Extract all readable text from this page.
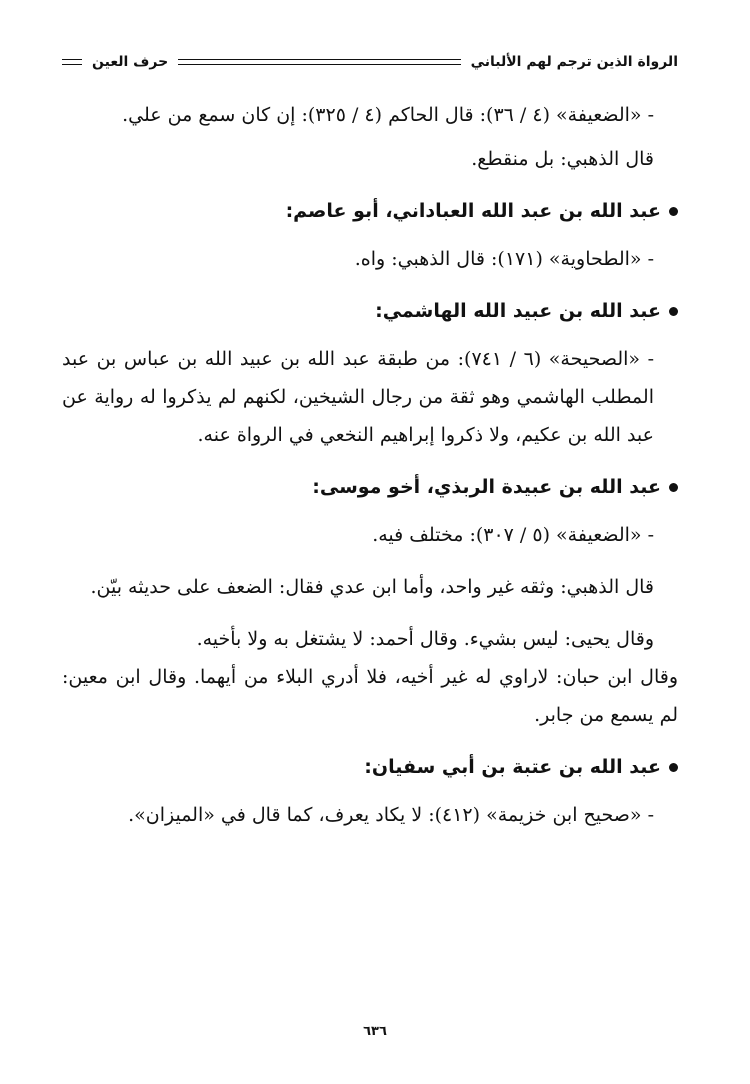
الرواة الذين ترجم لهم الألباني
حرف العين

- «الضعيفة» (٤ / ٣٦): قال الحاكم (٤ / ٣٢٥): إن كان سمع من علي.

قال الذهبي: بل منقطع.

عبد الله بن عبد الله العباداني، أبو عاصم:

- «الطحاوية» (١٧١): قال الذهبي: واه.

عبد الله بن عبيد الله الهاشمي:

- «الصحيحة» (٦ / ٧٤١): من طبقة عبد الله بن عبيد الله بن عباس بن عبد المطلب الهاشمي وهو ثقة من رجال الشيخين، لكنهم لم يذكروا له رواية عن عبد الله بن عكيم، ولا ذكروا إبراهيم النخعي في الرواة عنه.

عبد الله بن عبيدة الربذي، أخو موسى:

- «الضعيفة» (٥ / ٣٠٧): مختلف فيه.

قال الذهبي: وثقه غير واحد، وأما ابن عدي فقال: الضعف على حديثه بيّن.

وقال يحيى: ليس بشيء. وقال أحمد: لا يشتغل به ولا بأخيه.

وقال ابن حبان: لاراوي له غير أخيه، فلا أدري البلاء من أيهما. وقال ابن معين: لم يسمع من جابر.

عبد الله بن عتبة بن أبي سفيان:

- «صحيح ابن خزيمة» (٤١٢): لا يكاد يعرف، كما قال في «الميزان».

٦٣٦
